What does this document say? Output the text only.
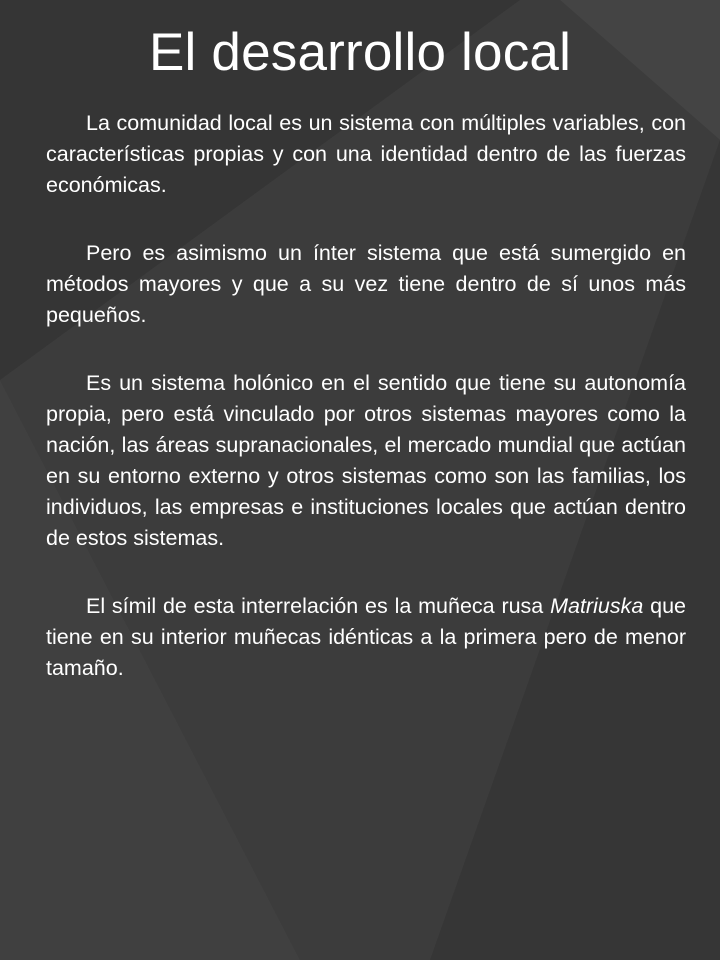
El desarrollo local

La comunidad local es un sistema con múltiples variables, con características propias y con una identidad dentro de las fuerzas económicas.

Pero es asimismo un ínter sistema que está sumergido en métodos mayores y que a su vez tiene dentro de sí unos más pequeños.

Es un sistema holónico en el sentido que tiene su autonomía propia, pero está vinculado por otros sistemas mayores como la nación, las áreas supranacionales, el mercado mundial que actúan en su entorno externo y otros sistemas como son las familias, los individuos, las empresas e instituciones locales que actúan dentro de estos sistemas.

El símil de esta interrelación es la muñeca rusa Matriuska que tiene en su interior muñecas idénticas a la primera pero de menor tamaño.
